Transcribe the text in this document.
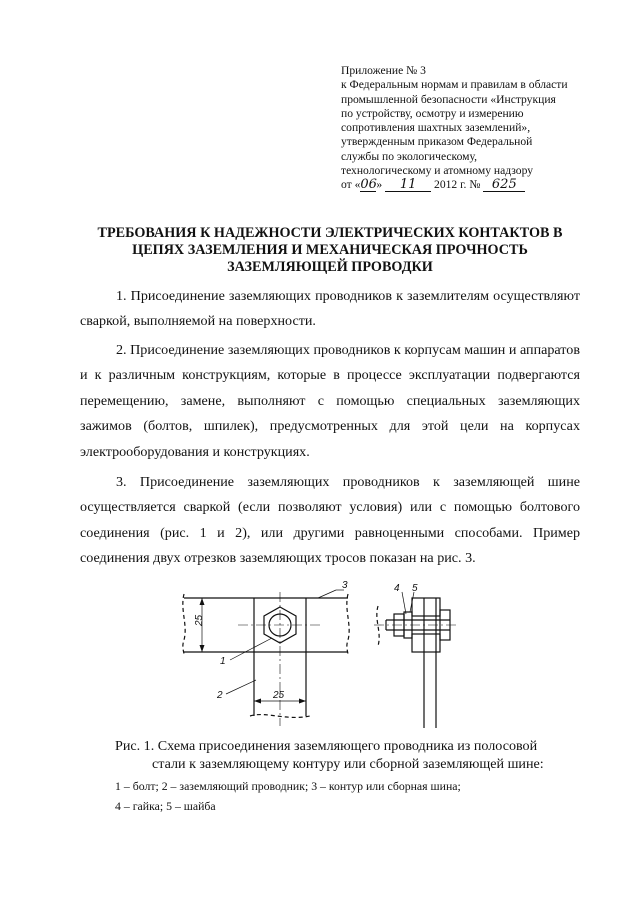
Приложение № 3
к Федеральным нормам и правилам в области
промышленной безопасности «Инструкция
по устройству, осмотру и измерению
сопротивления шахтных заземлений»,
утвержденным приказом Федеральной
службы по экологическому,
технологическому и атомному надзору
от «06» 11 2012 г. № 625
ТРЕБОВАНИЯ К НАДЕЖНОСТИ ЭЛЕКТРИЧЕСКИХ КОНТАКТОВ В ЦЕПЯХ ЗАЗЕМЛЕНИЯ И МЕХАНИЧЕСКАЯ ПРОЧНОСТЬ ЗАЗЕМЛЯЮЩЕЙ ПРОВОДКИ
1. Присоединение заземляющих проводников к заземлителям осуществляют сваркой, выполняемой на поверхности.
2. Присоединение заземляющих проводников к корпусам машин и аппаратов и к различным конструкциям, которые в процессе эксплуатации подвергаются перемещению, замене, выполняют с помощью специальных заземляющих зажимов (болтов, шпилек), предусмотренных для этой цели на корпусах электрооборудования и конструкциях.
3. Присоединение заземляющих проводников к заземляющей шине осуществляется сваркой (если позволяют условия) или с помощью болтового соединения (рис. 1 и 2), или другими равноценными способами. Пример соединения двух отрезков заземляющих тросов показан на рис. 3.
25
25
1
2
3	4 5
Рис. 1. Схема присоединения заземляющего проводника из полосовой
стали к заземляющему контуру или сборной заземляющей шине:
1 – болт; 2 – заземляющий проводник; 3 – контур или сборная шина;
4 – гайка; 5 – шайба
